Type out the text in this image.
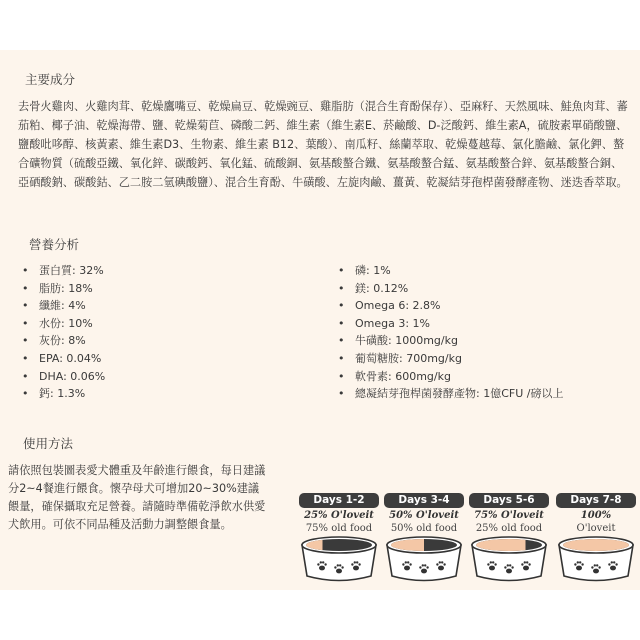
主要成分
去骨火雞肉、火雞肉茸、乾燥鷹嘴豆、乾燥扁豆、乾燥豌豆、雞脂肪（混合生育酚保存）、亞麻籽、天然風味、鮭魚肉茸、蕃茄粕、椰子油、乾燥海帶、鹽、乾燥菊苣、磷酸二鈣、維生素（維生素E、菸鹼酸、D-泛酸鈣、維生素A，硫胺素單硝酸鹽、鹽酸吡哆醇、核黃素、維生素D3、生物素、維生素 B12、葉酸）、南瓜籽、絲蘭萃取、乾燥蔓越莓、氯化膽鹼、氯化鉀、螯合礦物質（硫酸亞鐵、氧化鋅、碳酸鈣、氧化錳、硫酸銅、氨基酸螯合鐵、氨基酸螯合錳、氨基酸螯合鋅、氨基酸螯合銅、亞硒酸鈉、碳酸鈷、乙二胺二氫碘酸鹽）、混合生育酚、牛磺酸、左旋肉鹼、薑黃、乾凝結芽孢桿菌發酵產物、迷迭香萃取。
營養分析
• 蛋白質: 32%
• 脂肪: 18%
• 纖維: 4%
• 水份: 10%
• 灰份: 8%
• EPA: 0.04%
• DHA: 0.06%
• 鈣: 1.3%
• 磷: 1%
• 鎂: 0.12%
• Omega 6: 2.8%
• Omega 3: 1%
• 牛磺酸: 1000mg/kg
• 葡萄糖胺: 700mg/kg
• 軟骨素: 600mg/kg
• 總凝結芽孢桿菌發酵產物: 1億CFU /磅以上
使用方法
請依照包裝圖表愛犬體重及年齡進行餵食，每日建議分2~4餐進行餵食。懷孕母犬可增加20~30%建議餵量，確保攝取充足營養。請隨時準備乾淨飲水供愛犬飲用。可依不同品種及活動力調整餵食量。
Days 1-2
25% O'loveit
75% old food
Days 3-4
50% O'loveit
50% old food
Days 5-6
75% O'loveit
25% old food
Days 7-8
100%
O'loveit
